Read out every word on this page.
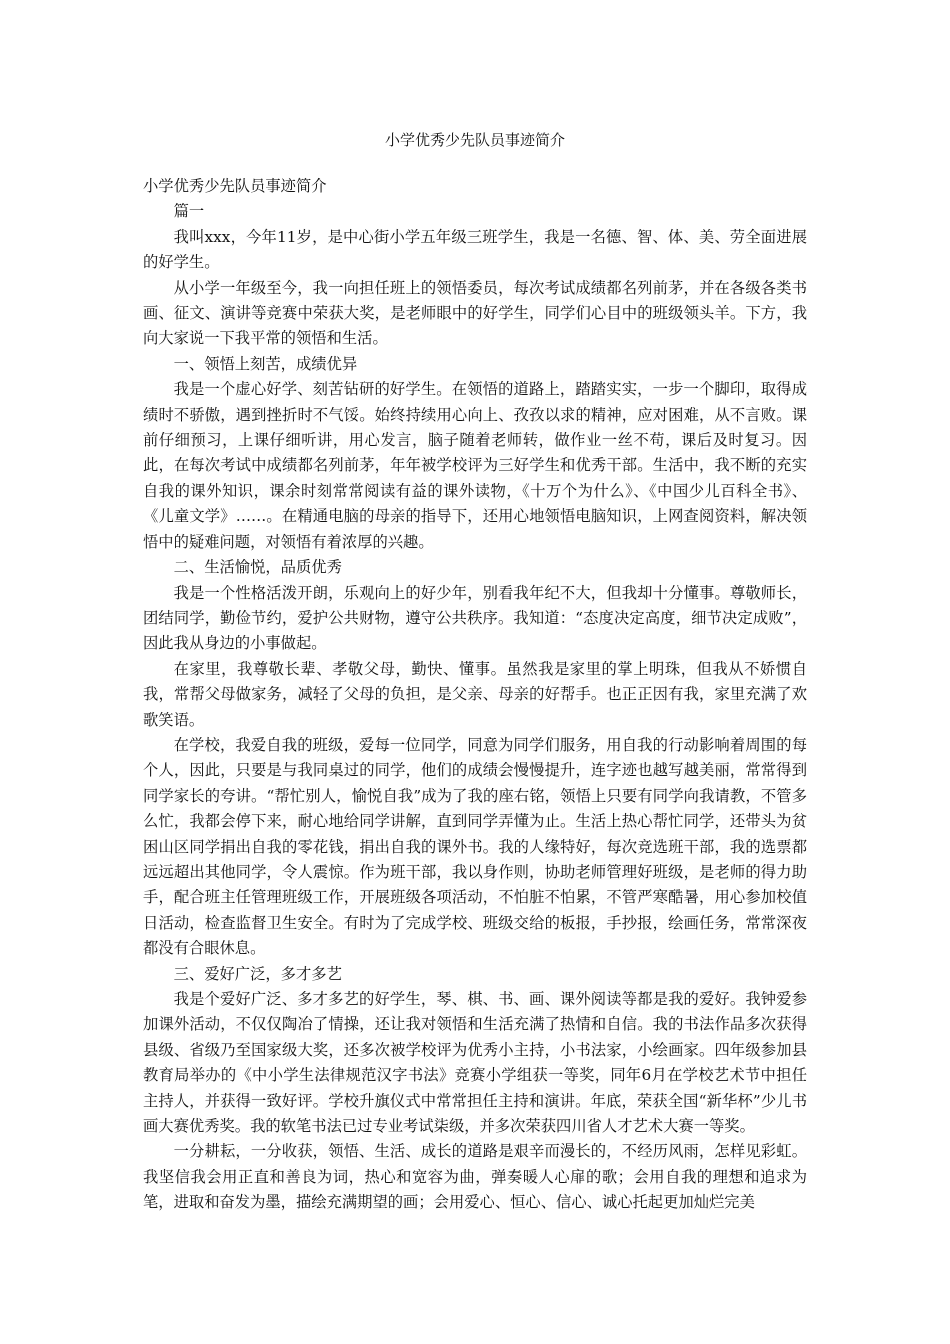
小学优秀少先队员事迹简介

小学优秀少先队员事迹简介

篇一

我叫xxx，今年11岁，是中心街小学五年级三班学生，我是一名德、智、体、美、劳全面进展的好学生。

从小学一年级至今，我一向担任班上的领悟委员，每次考试成绩都名列前茅，并在各级各类书画、征文、演讲等竞赛中荣获大奖，是老师眼中的好学生，同学们心目中的班级领头羊。下方，我向大家说一下我平常的领悟和生活。

一、领悟上刻苦，成绩优异

我是一个虚心好学、刻苦钻研的好学生。在领悟的道路上，踏踏实实，一步一个脚印，取得成绩时不骄傲，遇到挫折时不气馁。始终持续用心向上、孜孜以求的精神，应对困难，从不言败。课前仔细预习，上课仔细听讲，用心发言，脑子随着老师转，做作业一丝不苟，课后及时复习。因此，在每次考试中成绩都名列前茅，年年被学校评为三好学生和优秀干部。生活中，我不断的充实自我的课外知识，课余时刻常常阅读有益的课外读物，《十万个为什么》、《中国少儿百科全书》、《儿童文学》……。在精通电脑的母亲的指导下，还用心地领悟电脑知识，上网查阅资料，解决领悟中的疑难问题，对领悟有着浓厚的兴趣。

二、生活愉悦，品质优秀

我是一个性格活泼开朗，乐观向上的好少年，别看我年纪不大，但我却十分懂事。尊敬师长，团结同学，勤俭节约，爱护公共财物，遵守公共秩序。我知道：“态度决定高度，细节决定成败”，因此我从身边的小事做起。

在家里，我尊敬长辈、孝敬父母，勤快、懂事。虽然我是家里的掌上明珠，但我从不娇惯自我，常帮父母做家务，减轻了父母的负担，是父亲、母亲的好帮手。也正正因有我，家里充满了欢歌笑语。

在学校，我爱自我的班级，爱每一位同学，同意为同学们服务，用自我的行动影响着周围的每个人，因此，只要是与我同桌过的同学，他们的成绩会慢慢提升，连字迹也越写越美丽，常常得到同学家长的夸讲。“帮忙别人，愉悦自我”成为了我的座右铭，领悟上只要有同学向我请教，不管多么忙，我都会停下来，耐心地给同学讲解，直到同学弄懂为止。生活上热心帮忙同学，还带头为贫困山区同学捐出自我的零花钱，捐出自我的课外书。我的人缘特好，每次竞选班干部，我的选票都远远超出其他同学，令人震惊。作为班干部，我以身作则，协助老师管理好班级，是老师的得力助手，配合班主任管理班级工作，开展班级各项活动，不怕脏不怕累，不管严寒酷暑，用心参加校值日活动，检查监督卫生安全。有时为了完成学校、班级交给的板报，手抄报，绘画任务，常常深夜都没有合眼休息。

三、爱好广泛，多才多艺

我是个爱好广泛、多才多艺的好学生，琴、棋、书、画、课外阅读等都是我的爱好。我钟爱参加课外活动，不仅仅陶冶了情操，还让我对领悟和生活充满了热情和自信。我的书法作品多次获得县级、省级乃至国家级大奖，还多次被学校评为优秀小主持，小书法家，小绘画家。四年级参加县教育局举办的《中小学生法律规范汉字书法》竞赛小学组获一等奖，同年6月在学校艺术节中担任主持人，并获得一致好评。学校升旗仪式中常常担任主持和演讲。年底，荣获全国“新华杯”少儿书画大赛优秀奖。我的软笔书法已过专业考试柒级，并多次荣获四川省人才艺术大赛一等奖。

一分耕耘，一分收获，领悟、生活、成长的道路是艰辛而漫长的，不经历风雨，怎样见彩虹。我坚信我会用正直和善良为词，热心和宽容为曲，弹奏暖人心扉的歌；会用自我的理想和追求为笔，进取和奋发为墨，描绘充满期望的画；会用爱心、恒心、信心、诚心托起更加灿烂完美
